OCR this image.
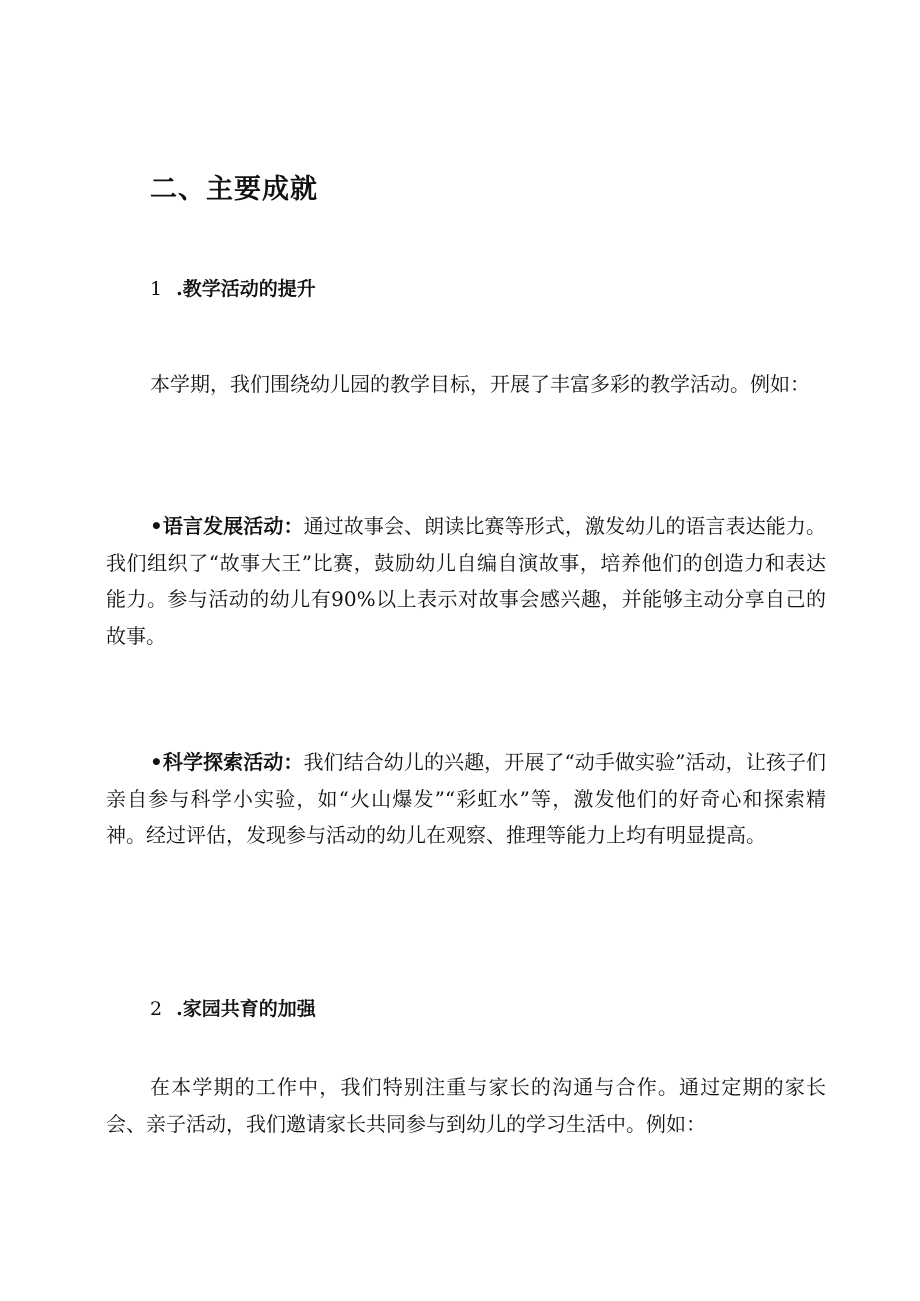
二、主要成就

1 .教学活动的提升

本学期，我们围绕幼儿园的教学目标，开展了丰富多彩的教学活动。例如：

•语言发展活动：通过故事会、朗读比赛等形式，激发幼儿的语言表达能力。我们组织了“故事大王”比赛，鼓励幼儿自编自演故事，培养他们的创造力和表达能力。参与活动的幼儿有90%以上表示对故事会感兴趣，并能够主动分享自己的故事。

•科学探索活动：我们结合幼儿的兴趣，开展了“动手做实验”活动，让孩子们亲自参与科学小实验，如“火山爆发”“彩虹水”等，激发他们的好奇心和探索精神。经过评估，发现参与活动的幼儿在观察、推理等能力上均有明显提高。

2 .家园共育的加强

在本学期的工作中，我们特别注重与家长的沟通与合作。通过定期的家长会、亲子活动，我们邀请家长共同参与到幼儿的学习生活中。例如：
